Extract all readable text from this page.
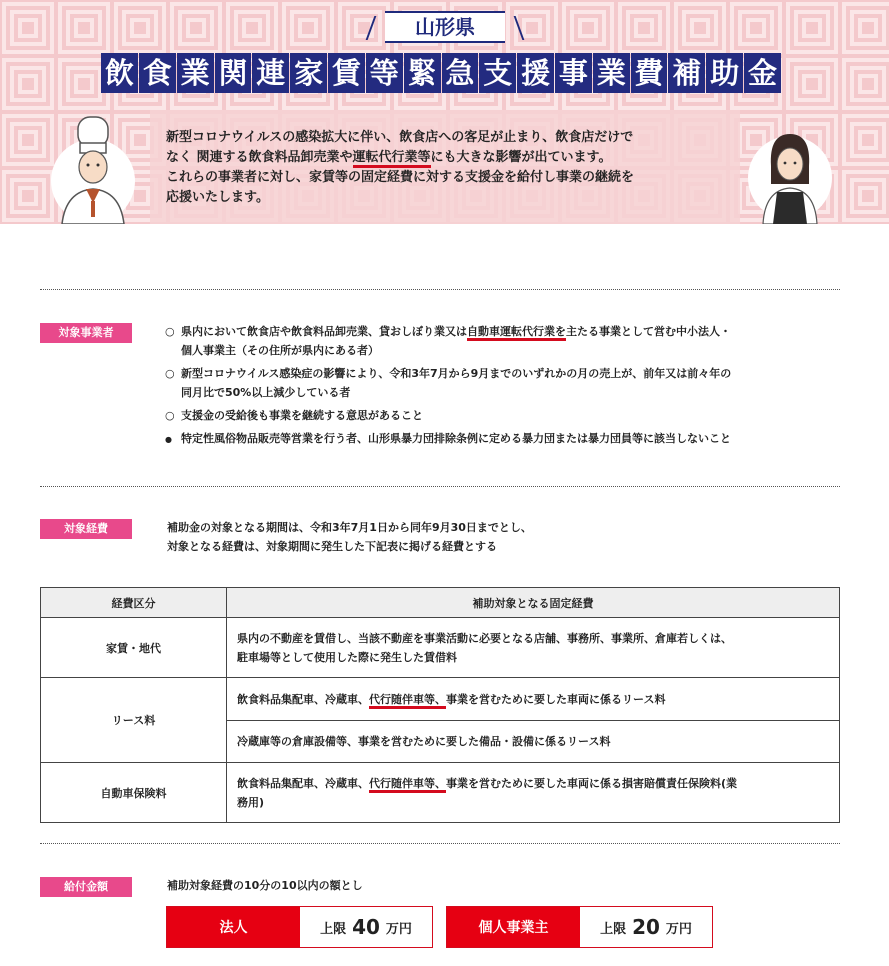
山形県
飲 食 業 関 連 家 賃 等 緊 急 支 援 事 業 費 補 助 金

新型コロナウイルスの感染拡大に伴い、飲食店への客足が止まり、飲食店だけで

なく 関連する飲食料品卸売業や運転代行業等にも大きな影響が出ています。

これらの事業者に対し、家賃等の固定経費に対する支援金を給付し事業の継続を

応援いたします。

対象事業者	○ 県内において飲食店や飲食料品卸売業、貸おしぼり業又は自動車運転代行業を主たる事業として営む中小法人・
個人事業主（その住所が県内にある者）
○ 新型コロナウイルス感染症の影響により、令和3年7月から9月までのいずれかの月の売上が、前年又は前々年の
同月比で50%以上減少している者
○ 支援金の受給後も事業を継続する意思があること
● 特定性風俗物品販売等営業を行う者、山形県暴力団排除条例に定める暴力団または暴力団員等に該当しないこと
対象経費	補助金の対象となる期間は、令和3年7月1日から同年9月30日までとし、
対象となる経費は、対象期間に発生した下記表に掲げる経費とする
経費区分	補助対象となる固定経費
家賃・地代	県内の不動産を賃借し、当該不動産を事業活動に必要となる店舗、事務所、事業所、倉庫若しくは、
駐車場等として使用した際に発生した賃借料

リース料	飲食料品集配車、冷蔵車、代行随伴車等、事業を営むために要した車両に係るリース料
	冷蔵庫等の倉庫設備等、事業を営むために要した備品・設備に係るリース料
自動車保険料	飲食料品集配車、冷蔵車、代行随伴車等、事業を営むために要した車両に係る損害賠償責任保険料(業
務用)
給付金額	補助対象経費の10分の10以内の額とし
法人	上限 40 万円	個人事業主	上限 20 万円
